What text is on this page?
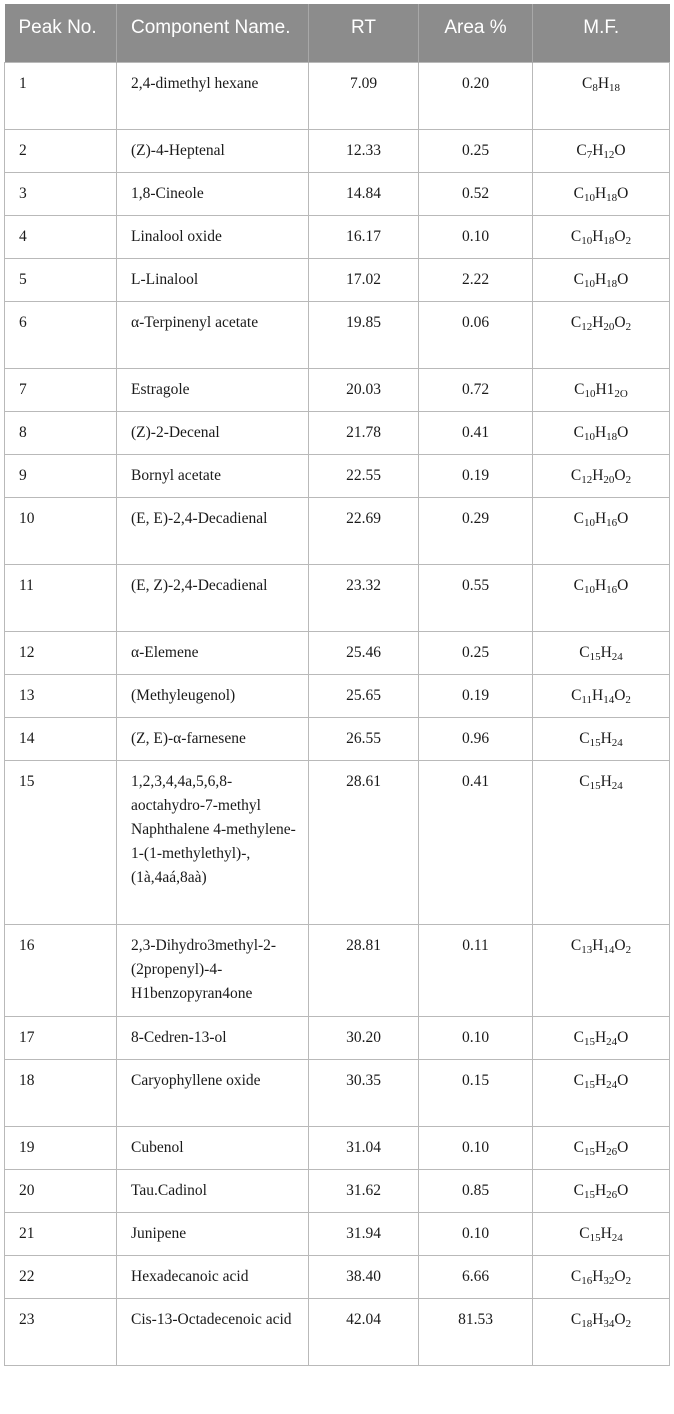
Peak No.	Component Name.	RT	Area %	M.F.
1	2,4-dimethyl hexane	7.09	0.20	$C_8H_{18}$
2	(Z)-4-Heptenal	12.33	0.25	$C_7H_{12}O$
3	1,8-Cineole	14.84	0.52	$C_{10}H_{18}O$
4	Linalool oxide	16.17	0.10	$C_{10}H_{18}O_2$
5	L-Linalool	17.02	2.22	$C_{10}H_{18}O$
6	α-Terpinenyl acetate	19.85	0.06	$C_{12}H_{20}O_2$
7	Estragole	20.03	0.72	$C_{10}H1_{2O}$
8	(Z)-2-Decenal	21.78	0.41	$C_{10}H_{18}O$
9	Bornyl acetate	22.55	0.19	$C_{12}H_{20}O_2$
10	(E, E)-2,4-Decadienal	22.69	0.29	$C_{10}H_{16}O$
11	(E, Z)-2,4-Decadienal	23.32	0.55	$C_{10}H_{16}O$
12	α-Elemene	25.46	0.25	$C_{15}H_{24}$
13	(Methyleugenol)	25.65	0.19	$C_{11}H_{14}O_2$
14	(Z, E)-α-farnesene	26.55	0.96	$C_{15}H_{24}$
15	1,2,3,4,4a,5,6,8-aoctahydro-7-methyl Naphthalene 4-methylene-1-(1-methylethyl)-, (1à,4aá,8aà)	28.61	0.41	$C_{15}H_{24}$
16	2,3-Dihydro3methyl-2-(2propenyl)-4-H1benzopyran4one	28.81	0.11	$C_{13}H_{14}O_2$
17	8-Cedren-13-ol	30.20	0.10	$C_{15}H_{24}O$
18	Caryophyllene oxide	30.35	0.15	$C_{15}H_{24}O$
19	Cubenol	31.04	0.10	$C_{15}H_{26}O$
20	Tau.Cadinol	31.62	0.85	$C_{15}H_{26}O$
21	Junipene	31.94	0.10	$C_{15}H_{24}$
22	Hexadecanoic acid	38.40	6.66	$C_{16}H_{32}O_2$
23	Cis-13-Octadecenoic acid	42.04	81.53	$C_{18}H_{34}O_2$
